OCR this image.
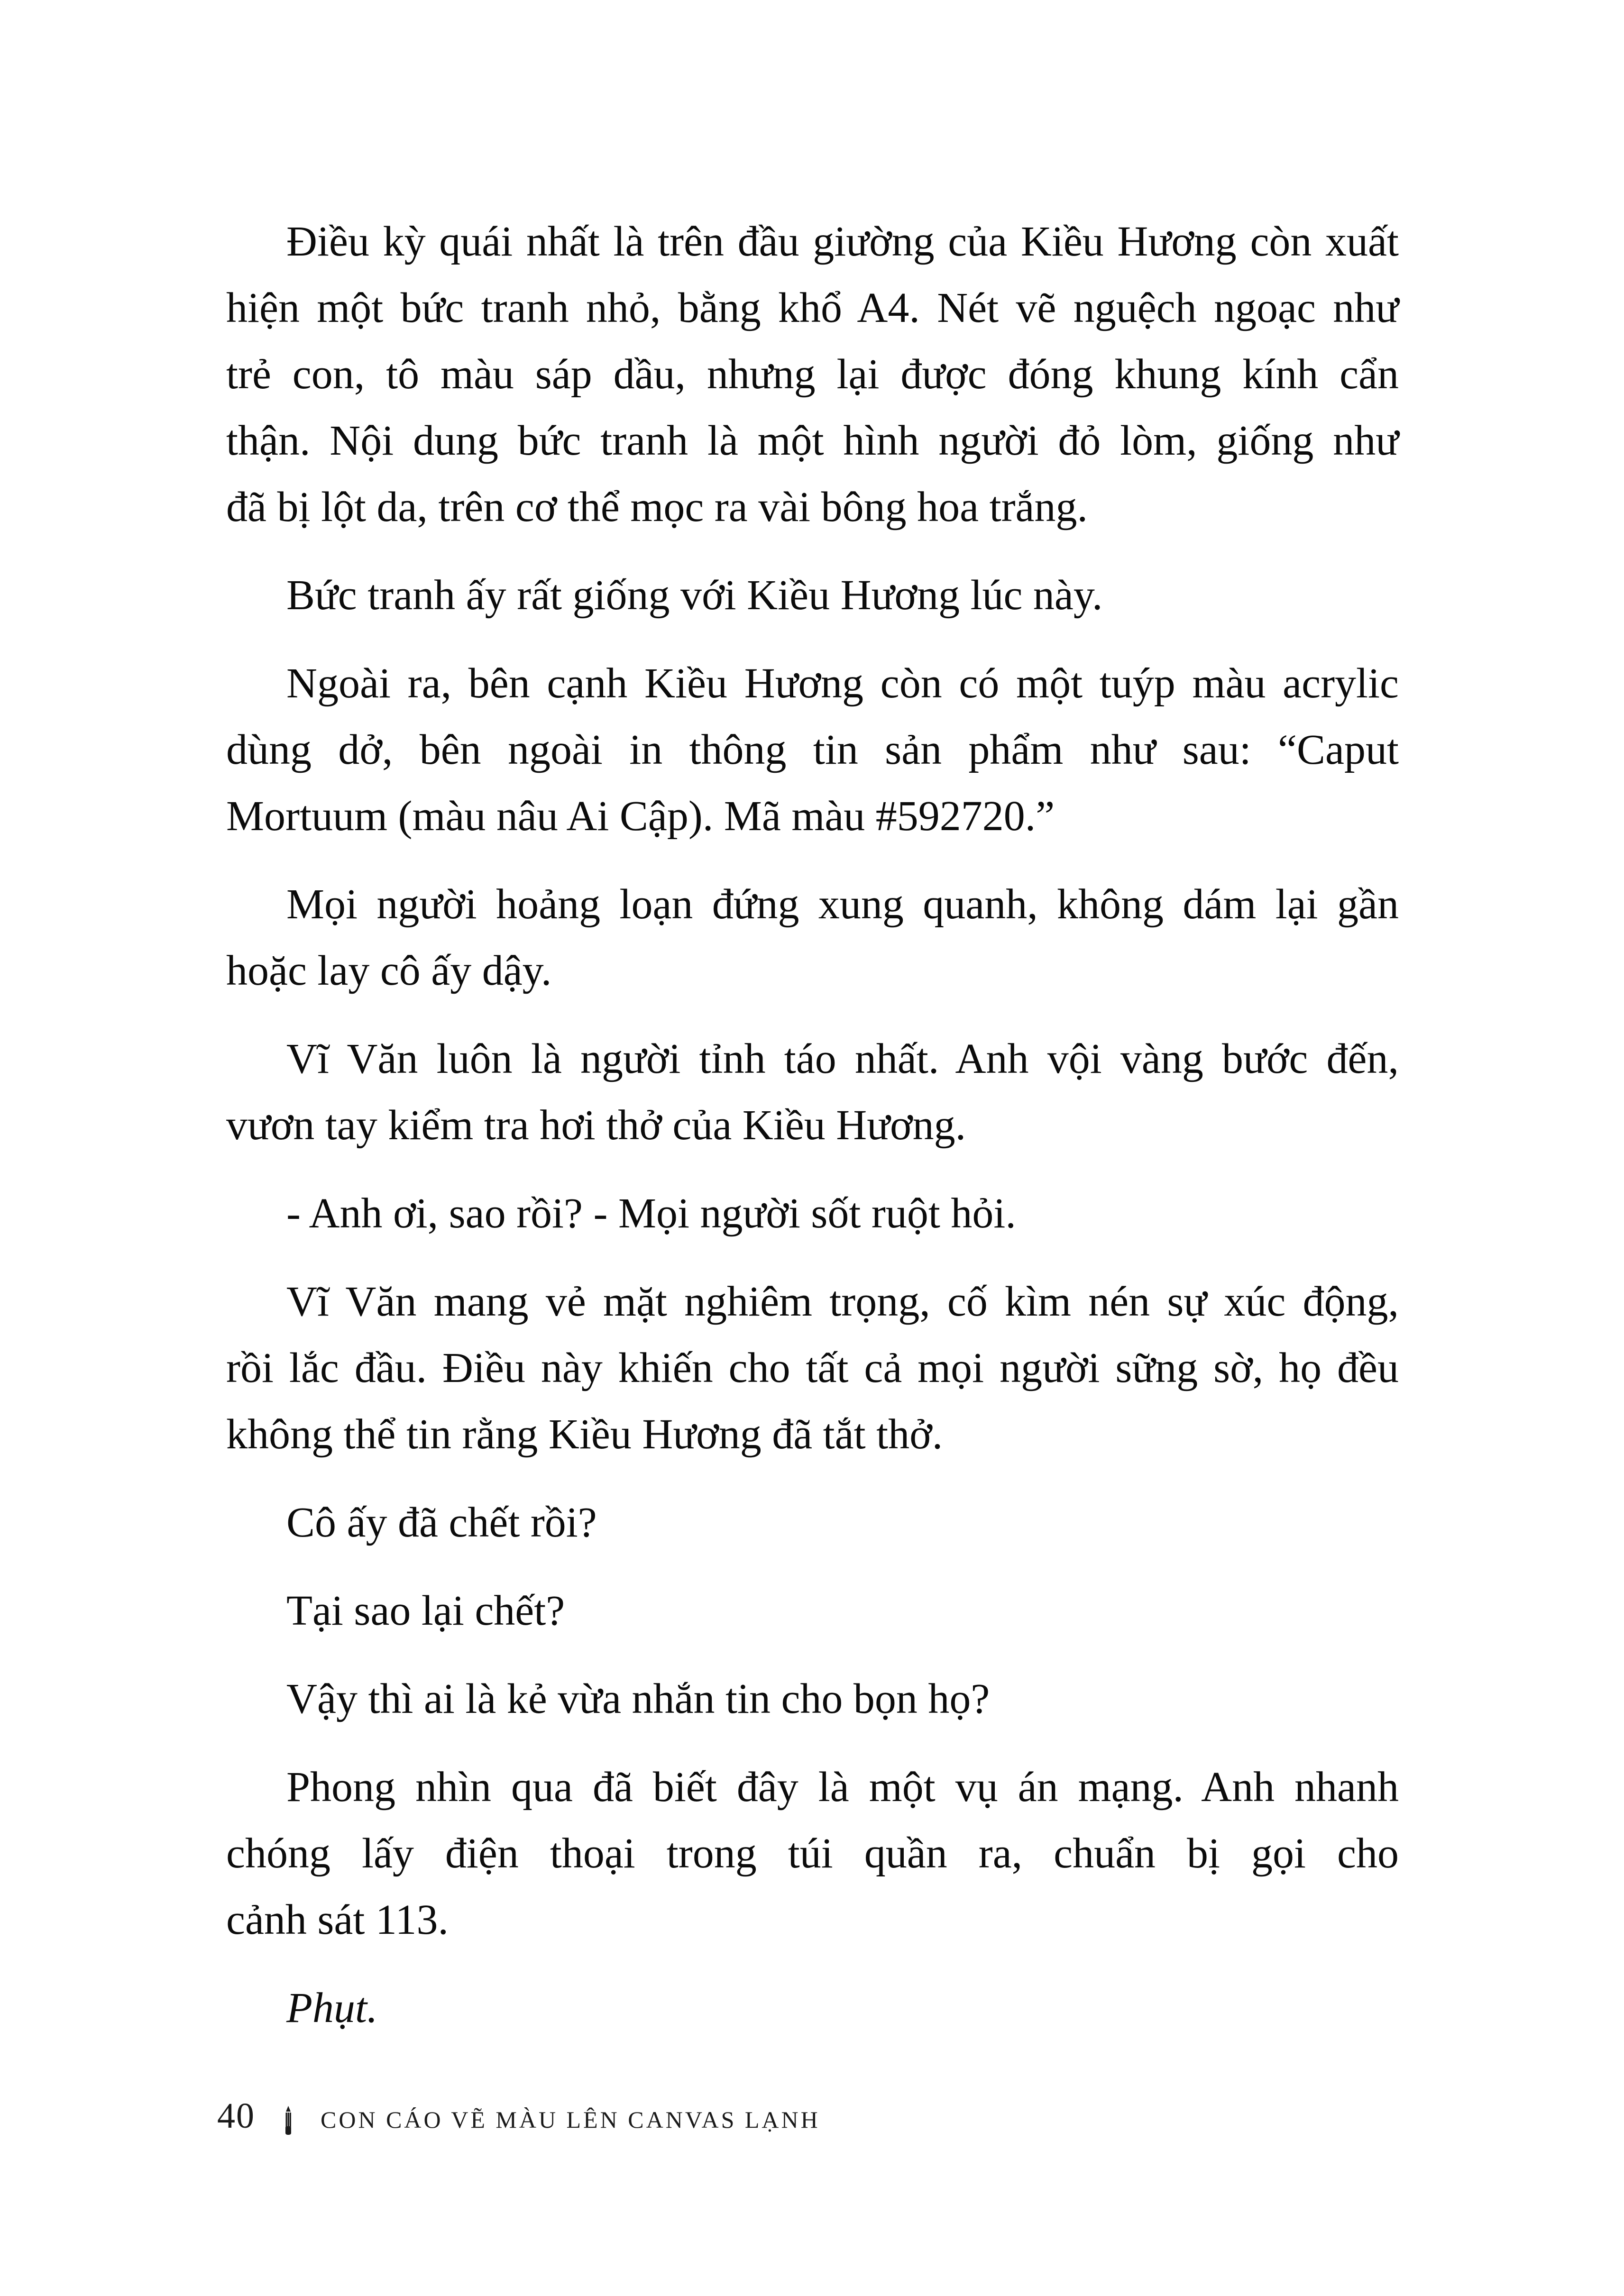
Điều kỳ quái nhất là trên đầu giường của Kiều Hương còn xuất
hiện một bức tranh nhỏ, bằng khổ A4. Nét vẽ nguệch ngoạc như
trẻ con, tô màu sáp dầu, nhưng lại được đóng khung kính cẩn
thận. Nội dung bức tranh là một hình người đỏ lòm, giống như
đã bị lột da, trên cơ thể mọc ra vài bông hoa trắng.
Bức tranh ấy rất giống với Kiều Hương lúc này.
Ngoài ra, bên cạnh Kiều Hương còn có một tuýp màu acrylic
dùng dở, bên ngoài in thông tin sản phẩm như sau: “Caput
Mortuum (màu nâu Ai Cập). Mã màu #592720.”
Mọi người hoảng loạn đứng xung quanh, không dám lại gần
hoặc lay cô ấy dậy.
Vĩ Văn luôn là người tỉnh táo nhất. Anh vội vàng bước đến,
vươn tay kiểm tra hơi thở của Kiều Hương.
- Anh ơi, sao rồi? - Mọi người sốt ruột hỏi.
Vĩ Văn mang vẻ mặt nghiêm trọng, cố kìm nén sự xúc động,
rồi lắc đầu. Điều này khiến cho tất cả mọi người sững sờ, họ đều
không thể tin rằng Kiều Hương đã tắt thở.
Cô ấy đã chết rồi?
Tại sao lại chết?
Vậy thì ai là kẻ vừa nhắn tin cho bọn họ?
Phong nhìn qua đã biết đây là một vụ án mạng. Anh nhanh
chóng lấy điện thoại trong túi quần ra, chuẩn bị gọi cho
cảnh sát 113.
Phụt.
40	CON CÁO VẼ MÀU LÊN CANVAS LẠNH
